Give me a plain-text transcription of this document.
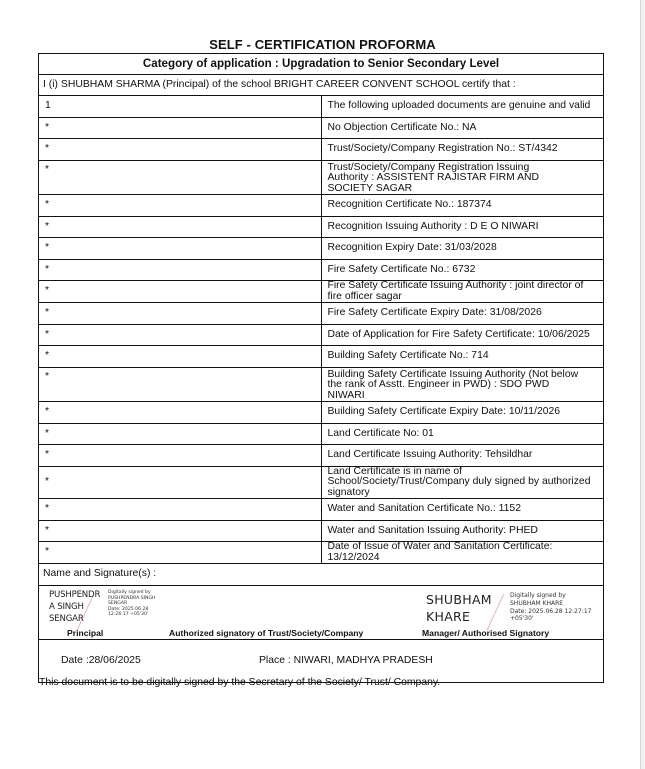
SELF - CERTIFICATION PROFORMA
Category of application : Upgradation to Senior Secondary Level	
I (i) SHUBHAM SHARMA (Principal) of the school BRIGHT CAREER CONVENT SCHOOL certify that :	
1	The following uploaded documents are genuine and valid
*	No Objection Certificate No.: NA
*	Trust/Society/Company Registration No.: ST/4342
*	Trust/Society/Company Registration Issuing Authority : ASSISTENT RAJISTAR FIRM AND SOCIETY SAGAR
*	Recognition Certificate No.: 187374
*	Recognition Issuing Authority : D E O NIWARI
*	Recognition Expiry Date: 31/03/2028
*	Fire Safety Certificate No.: 6732
*	Fire Safety Certificate Issuing Authority : joint director of fire officer sagar
*	Fire Safety Certificate Expiry Date: 31/08/2026
*	Date of Application for Fire Safety Certificate: 10/06/2025
*	Building Safety Certificate No.: 714
*	Building Safety Certificate Issuing Authority (Not below the rank of Asstt. Engineer in PWD) : SDO PWD NIWARI
*	Building Safety Certificate Expiry Date: 10/11/2026
*	Land Certificate No: 01
*	Land Certificate Issuing Authority: Tehsildhar
*	Land Certificate is in name of School/Society/Trust/Company duly signed by authorized signatory
*	Water and Sanitation Certificate No.: 1152
*	Water and Sanitation Issuing Authority: PHED
*	Date of Issue of Water and Sanitation Certificate: 13/12/2024
Name and Signature(s) :	

PUSHPENDR
A SINGH
SENGAR
Digitally signed by
PUSHPENDRA SINGH
SENGAR
Date: 2025.06.28
12:26:17 +05'30'
Principal	Authorized signatory of Trust/Society/Company
SHUBHAM
KHARE
Digitally signed by
SHUBHAM KHARE
Date: 2025.06.28 12:27:17
+05'30'
Manager/ Authorised Signatory

Date :28/06/2025 Place : NIWARI, MADHYA PRADESH	
This document is to be digitally signed by the Secretary of the Society/ Trust/ Company.
